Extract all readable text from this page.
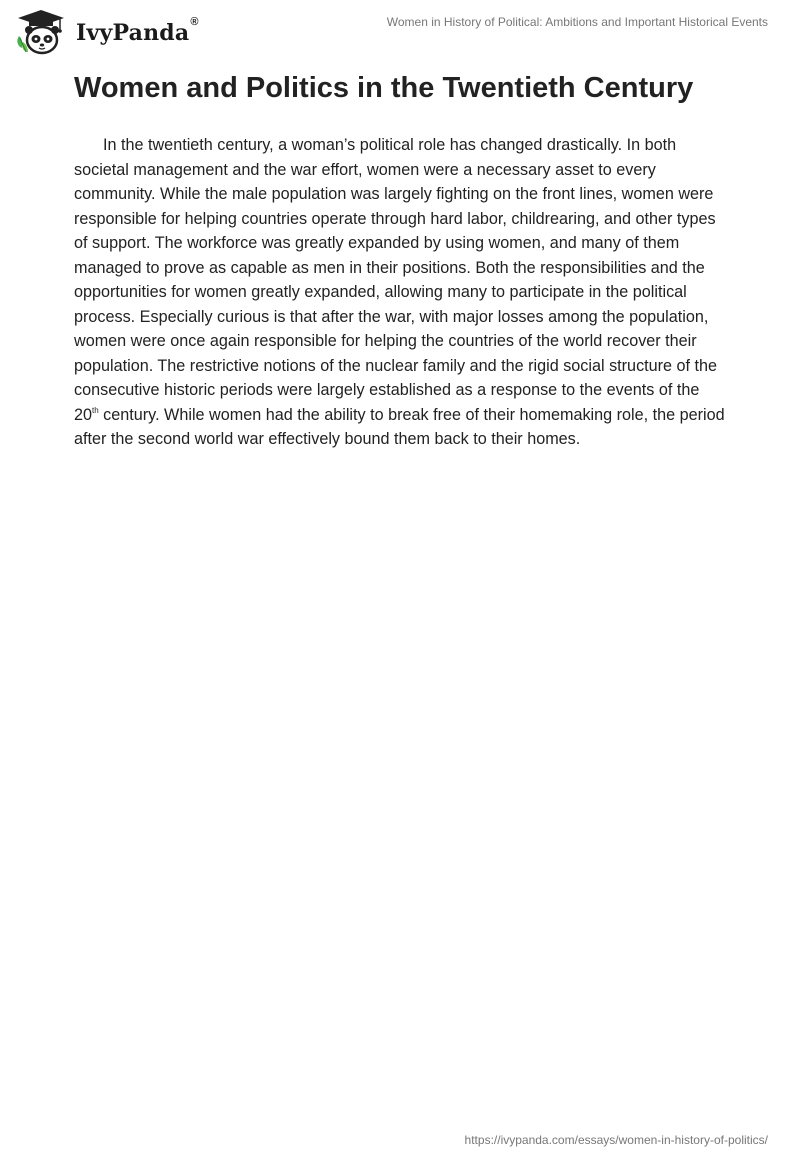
IvyPanda®	Women in History of Political: Ambitions and Important Historical Events
Women and Politics in the Twentieth Century

In the twentieth century, a woman’s political role has changed drastically. In both societal management and the war effort, women were a necessary asset to every community. While the male population was largely fighting on the front lines, women were responsible for helping countries operate through hard labor, childrearing, and other types of support. The workforce was greatly expanded by using women, and many of them managed to prove as capable as men in their positions. Both the responsibilities and the opportunities for women greatly expanded, allowing many to participate in the political process. Especially curious is that after the war, with major losses among the population, women were once again responsible for helping the countries of the world recover their population. The restrictive notions of the nuclear family and the rigid social structure of the consecutive historic periods were largely established as a response to the events of the 20th century. While women had the ability to break free of their homemaking role, the period after the second world war effectively bound them back to their homes.

https://ivypanda.com/essays/women-in-history-of-politics/
